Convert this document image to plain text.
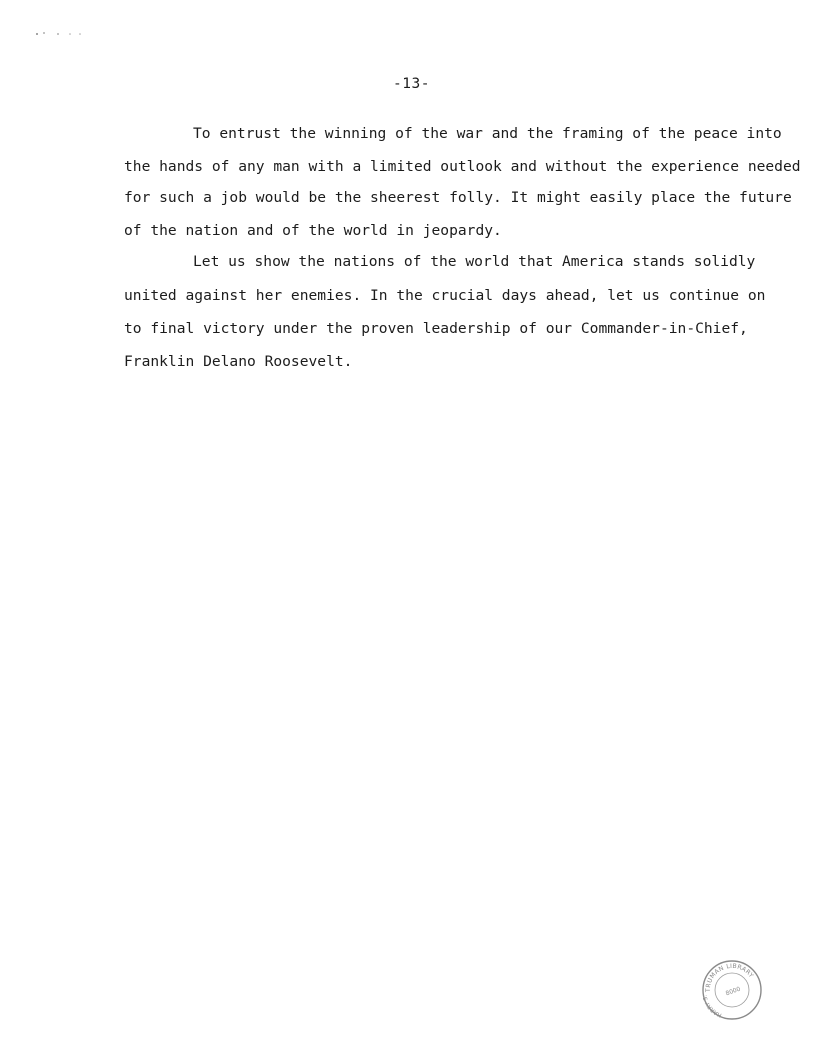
-13-
To entrust the winning of the war and the framing of the peace into
the hands of any man with a limited outlook and without the experience needed
for such a job would be the sheerest folly. It might easily place the future
of the nation and of the world in jeopardy.
Let us show the nations of the world that America stands solidly
united against her enemies. In the crucial days ahead, let us continue on
to final victory under the proven leadership of our Commander-in-Chief,
Franklin Delano Roosevelt.
TRUMAN LIBRARY
HARRY S.	8000
